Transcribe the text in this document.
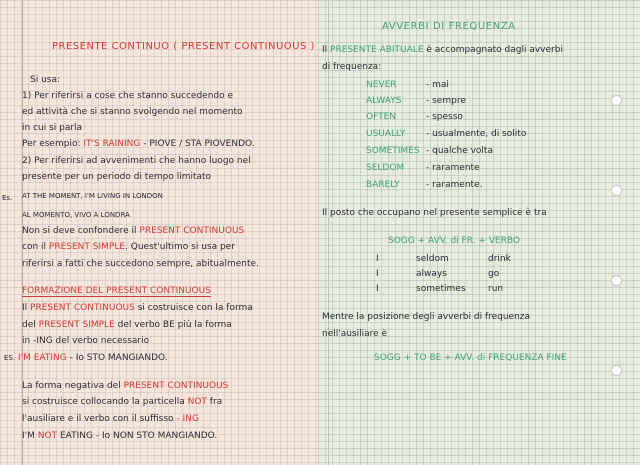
PRESENTE CONTINUO ( PRESENT CONTINUOUS )
Si usa:
1) Per riferirsi a cose che stanno succedendo e
ed attività che si stanno svolgendo nel momento
in cui si parla
Per esempio: IT'S RAINING - PIOVE / STA PIOVENDO.
2) Per riferirsi ad avvenimenti che hanno luogo nel
presente per un periodo di tempo limitato
Es. AT THE MOMENT, I'M LIVING IN LONDON
AL MOMENTO, VIVO A LONDRA
Non si deve confondere il PRESENT CONTINUOUS
con il PRESENT SIMPLE. Quest'ultimo si usa per
riferirsi a fatti che succedono sempre, abitualmente.
FORMAZIONE DEL PRESENT CONTINUOUS
Il PRESENT CONTINUOUS si costruisce con la forma
del PRESENT SIMPLE del verbo BE più la forma
in -ING del verbo necessario
ES. I'M EATING - Io STO MANGIANDO.
La forma negativa del PRESENT CONTINUOUS
si costruisce collocando la particella NOT fra
l'ausiliare e il verbo con il suffisso - ING
I'M NOT EATING - Io NON STO MANGIANDO.
AVVERBI DI FREQUENZA
Il PRESENTE ABITUALE è accompagnato dagli avverbi
di frequenza:
NEVER	- mai
ALWAYS	- sempre
OFTEN	- spesso
USUALLY - usualmente, di solito
SOMETIMES - qualche volta
SELDOM - raramente
BARELY	- raramente.
Il posto che occupano nel presente semplice è tra
SOGG + AVV. di FR. + VERBO
I	seldom	drink
I	always	go
I	sometimes run
Mentre la posizione degli avverbi di frequenza
nell'ausiliare è
SOGG + TO BE + AVV. di FREQUENZA FINE
